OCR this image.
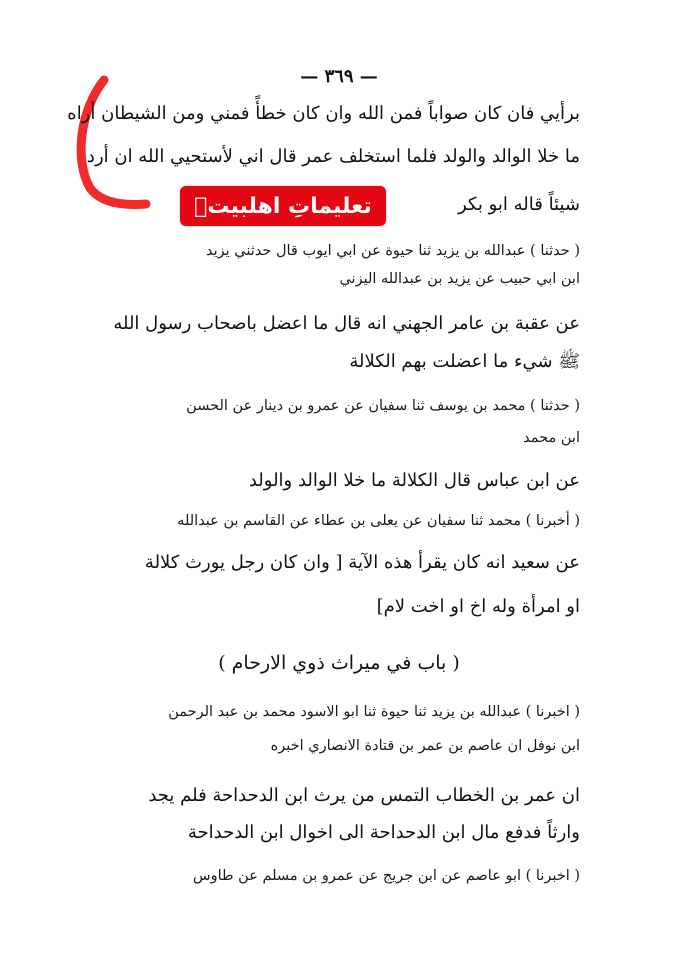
— ٣٦٩ —
برأيي فان كان صواباً فمن الله وان كان خطأً فمني ومن الشيطان أراه
ما خلا الوالد والولد فلما استخلف عمر قال اني لأستحيي الله ان أرد
شيئاً قاله ابو بكر
( حدثنا ) عبدالله بن يزيد ثنا حيوة عن ابي ايوب قال حدثني يزيد
ابن ابي حبيب عن يزيد بن عبدالله اليزني
عن عقبة بن عامر الجهني انه قال ما اعضل باصحاب رسول الله
ﷺ شيء ما اعضلت بهم الكلالة
( حدثنا ) محمد بن يوسف ثنا سفيان عن عمرو بن دينار عن الحسن
ابن محمد
عن ابن عباس قال الكلالة ما خلا الوالد والولد
( أخبرنا ) محمد ثنا سفيان عن يعلى بن عطاء عن القاسم بن عبدالله
عن سعيد انه كان يقرأ هذه الآية [ وان كان رجل يورث كلالة
او امرأة وله اخ او اخت لام]
( باب في ميراث ذوي الارحام )
( اخبرنا ) عبدالله بن يزيد ثنا حيوة ثنا ابو الاسود محمد بن عبد الرحمن
ابن نوفل ان عاصم بن عمر بن قتادة الانصاري اخبره
ان عمر بن الخطاب التمس من يرث ابن الدحداحة فلم يجد
وارثاً فدفع مال ابن الدحداحة الى اخوال ابن الدحداحة
( اخبرنا ) ابو عاصم عن ابن جريج عن عمرو بن مسلم عن طاوس
تعليماتِ اهلبيتؑ
